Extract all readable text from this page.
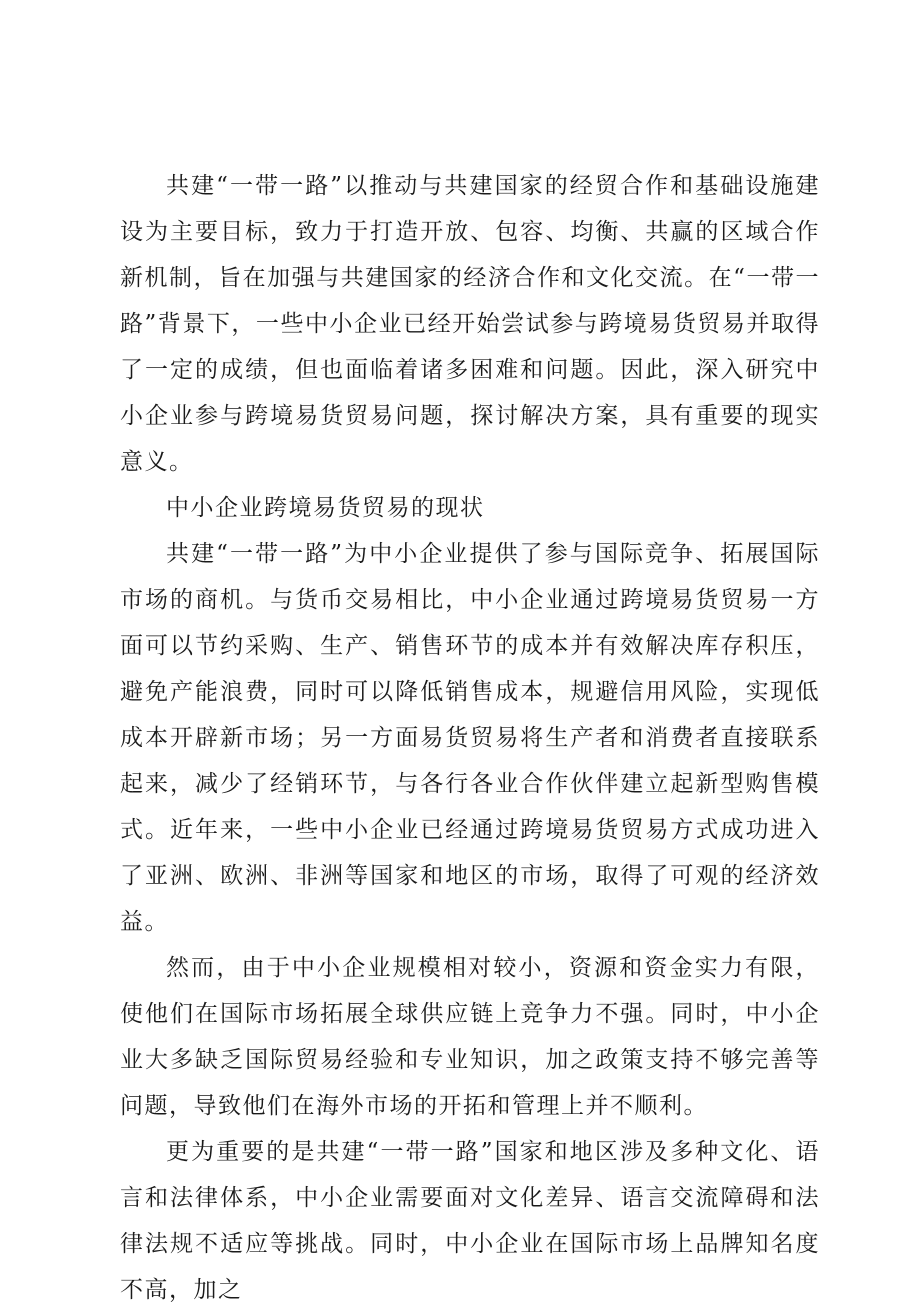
共建“一带一路”以推动与共建国家的经贸合作和基础设施建设为主要目标，致力于打造开放、包容、均衡、共赢的区域合作新机制，旨在加强与共建国家的经济合作和文化交流。在“一带一路”背景下，一些中小企业已经开始尝试参与跨境易货贸易并取得了一定的成绩，但也面临着诸多困难和问题。因此，深入研究中小企业参与跨境易货贸易问题，探讨解决方案，具有重要的现实意义。

中小企业跨境易货贸易的现状

共建“一带一路”为中小企业提供了参与国际竞争、拓展国际市场的商机。与货币交易相比，中小企业通过跨境易货贸易一方面可以节约采购、生产、销售环节的成本并有效解决库存积压，避免产能浪费，同时可以降低销售成本，规避信用风险，实现低成本开辟新市场；另一方面易货贸易将生产者和消费者直接联系起来，减少了经销环节，与各行各业合作伙伴建立起新型购售模式。近年来，一些中小企业已经通过跨境易货贸易方式成功进入了亚洲、欧洲、非洲等国家和地区的市场，取得了可观的经济效益。

然而，由于中小企业规模相对较小，资源和资金实力有限，使他们在国际市场拓展全球供应链上竞争力不强。同时，中小企业大多缺乏国际贸易经验和专业知识，加之政策支持不够完善等问题，导致他们在海外市场的开拓和管理上并不顺利。

更为重要的是共建“一带一路”国家和地区涉及多种文化、语言和法律体系，中小企业需要面对文化差异、语言交流障碍和法律法规不适应等挑战。同时，中小企业在国际市场上品牌知名度不高，加之
